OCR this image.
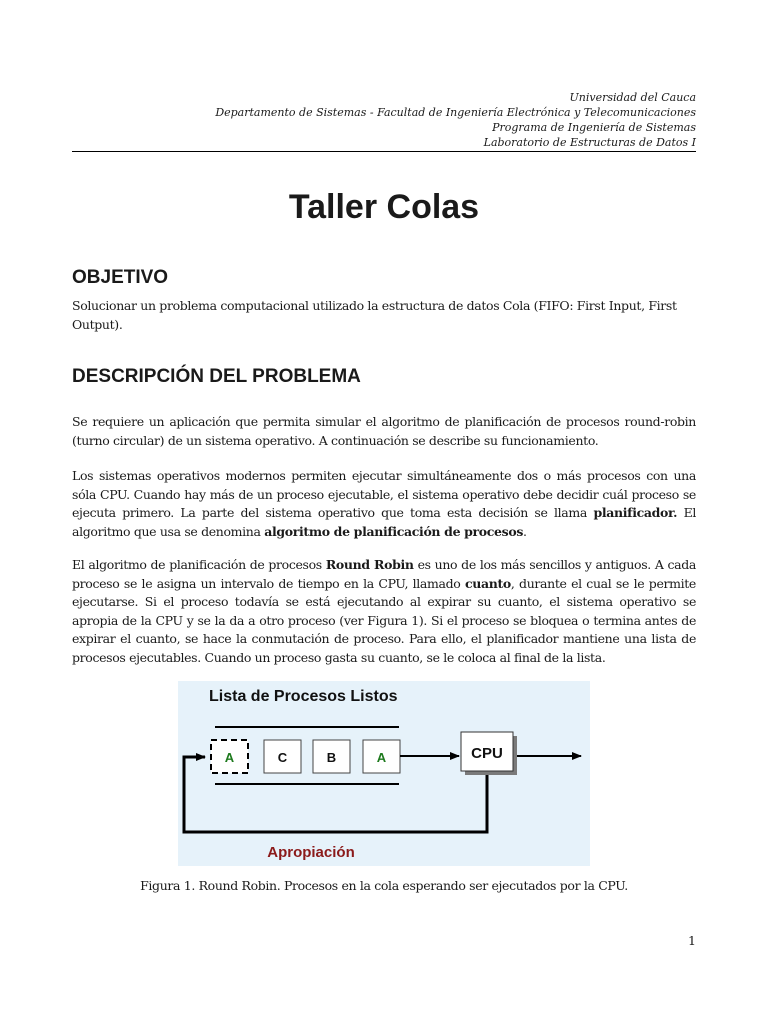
Universidad del Cauca
Departamento de Sistemas - Facultad de Ingeniería Electrónica y Telecomunicaciones
Programa de Ingeniería de Sistemas
Laboratorio de Estructuras de Datos I
Taller Colas
OBJETIVO

Solucionar un problema computacional utilizado la estructura de datos Cola (FIFO: First Input, First Output).

DESCRIPCIÓN DEL PROBLEMA

Se requiere un aplicación que permita simular el algoritmo de planificación de procesos round-robin (turno circular) de un sistema operativo. A continuación se describe su funcionamiento.

Los sistemas operativos modernos permiten ejecutar simultáneamente dos o más procesos con una sóla CPU. Cuando hay más de un proceso ejecutable, el sistema operativo debe decidir cuál proceso se ejecuta primero. La parte del sistema operativo que toma esta decisión se llama planificador. El algoritmo que usa se denomina algoritmo de planificación de procesos.

El algoritmo de planificación de procesos Round Robin es uno de los más sencillos y antiguos. A cada proceso se le asigna un intervalo de tiempo en la CPU, llamado cuanto, durante el cual se le permite ejecutarse. Si el proceso todavía se está ejecutando al expirar su cuanto, el sistema operativo se apropia de la CPU y se la da a otro proceso (ver Figura 1). Si el proceso se bloquea o termina antes de expirar el cuanto, se hace la conmutación de proceso. Para ello, el planificador mantiene una lista de procesos ejecutables. Cuando un proceso gasta su cuanto, se le coloca al final de la lista.

Lista de Procesos Listos
A	C	B	A	CPU
Apropiación

Figura 1. Round Robin. Procesos en la cola esperando ser ejecutados por la CPU.

1
